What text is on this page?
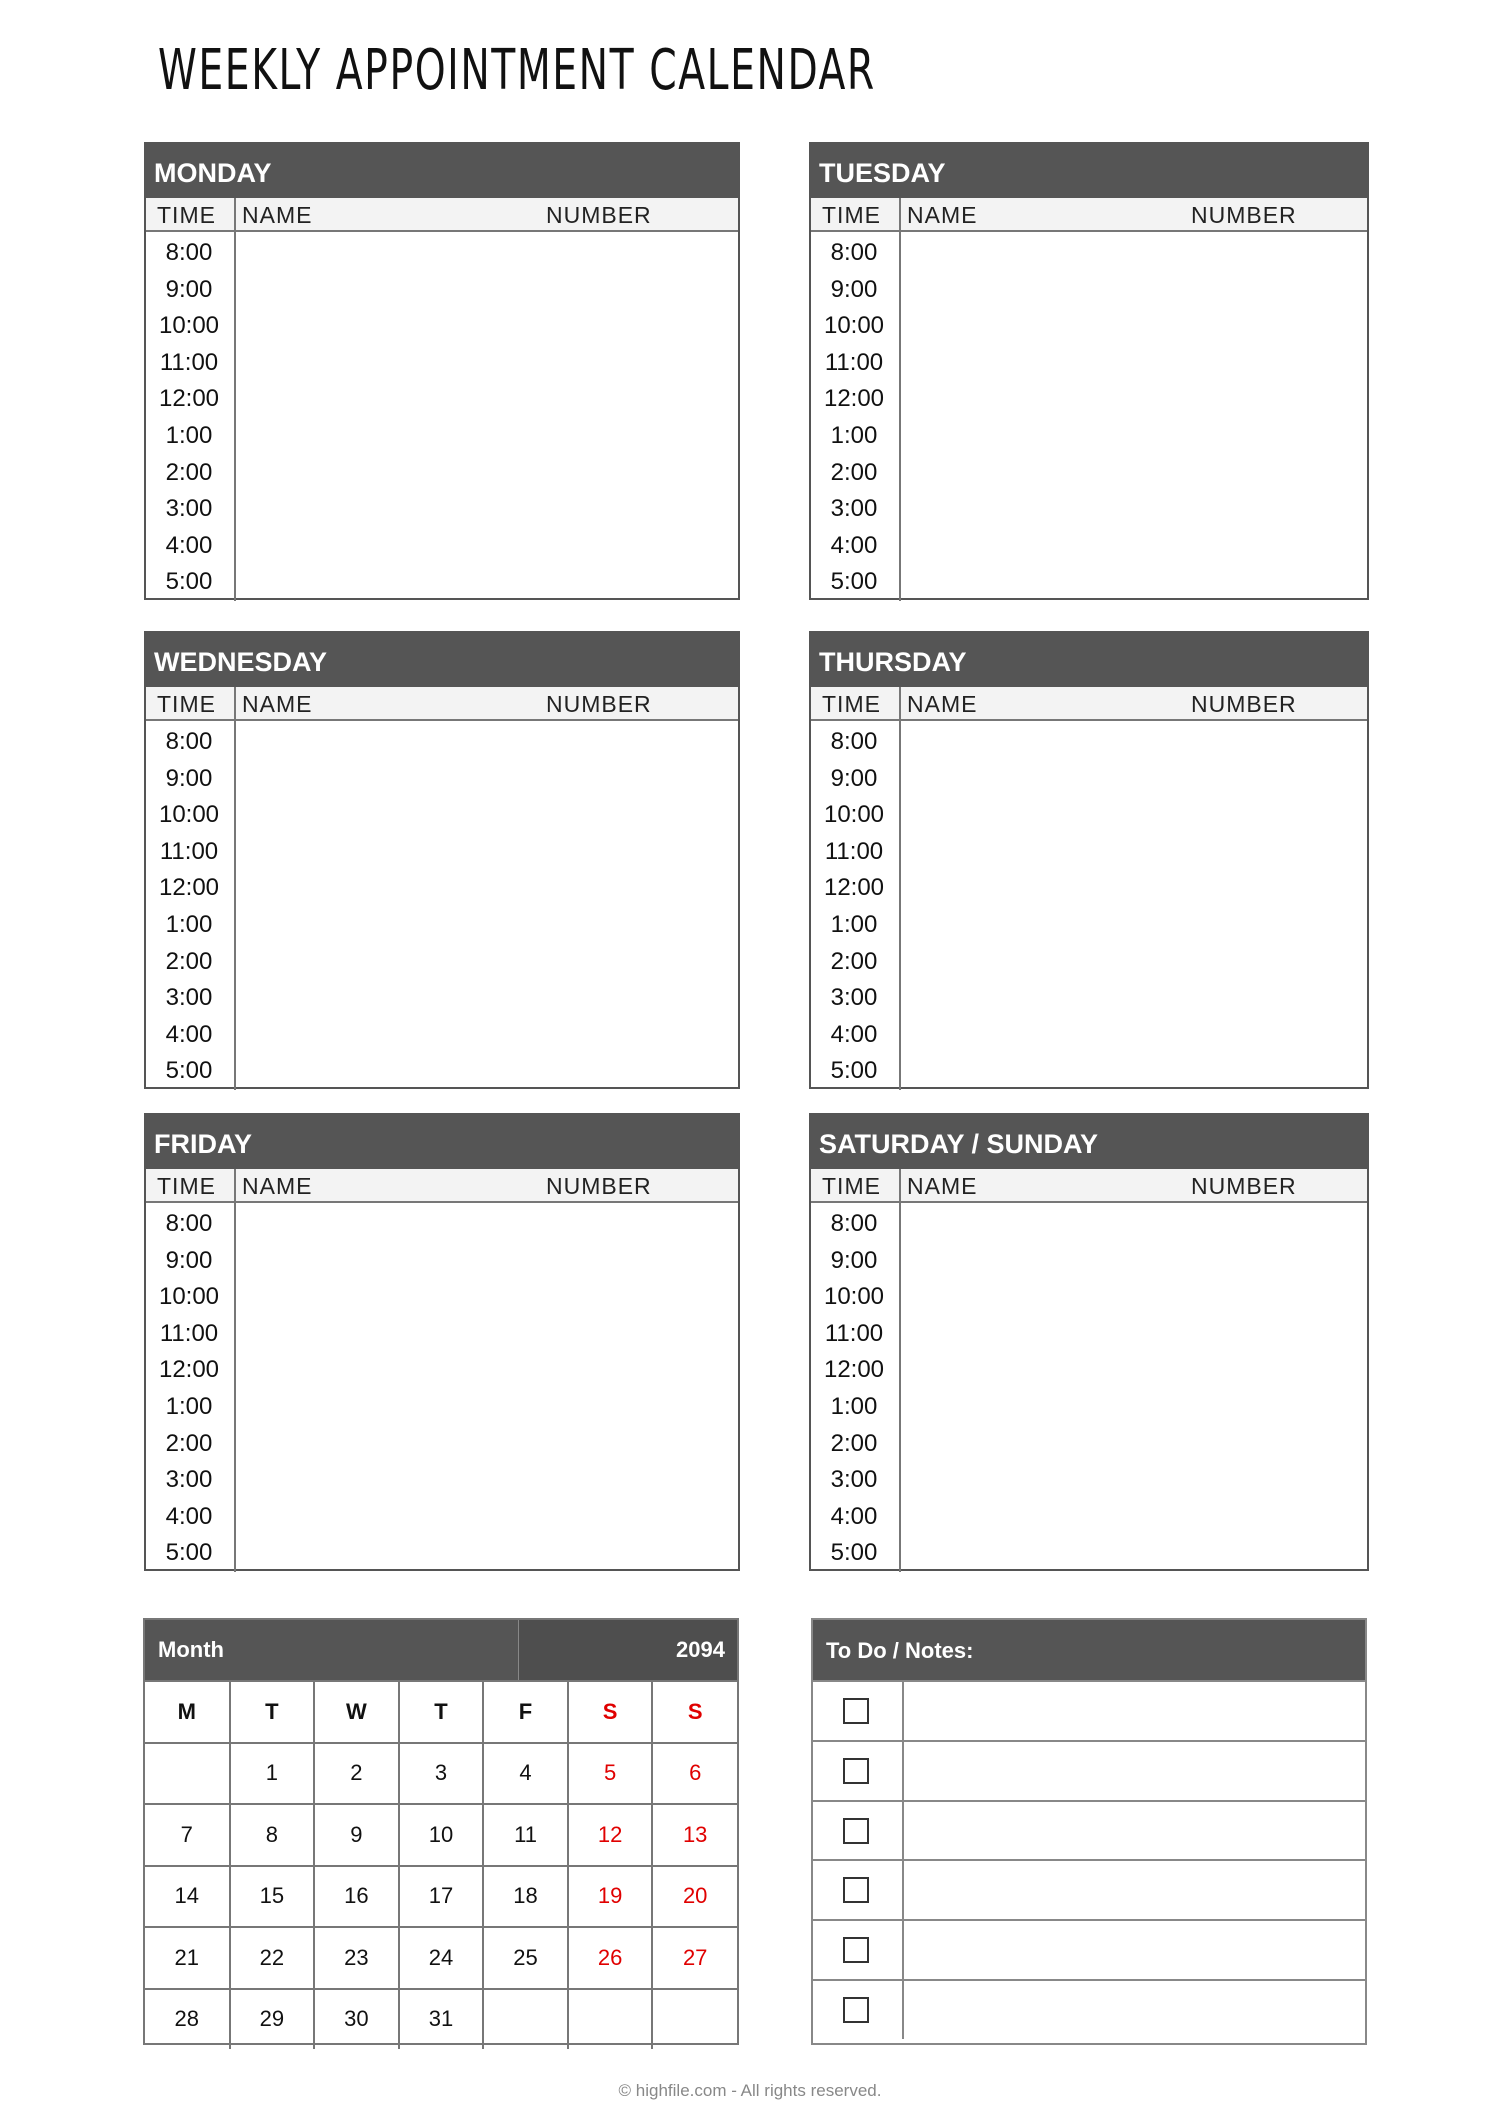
WEEKLY APPOINTMENT CALENDAR
MONDAY
TIME NAME	NUMBER
8:00
9:00
10:00
11:00
12:00
1:00
2:00
3:00
4:00
5:00
TUESDAY
TIME NAME	NUMBER
8:00
9:00
10:00
11:00
12:00
1:00
2:00
3:00
4:00
5:00
WEDNESDAY
TIME NAME	NUMBER
8:00
9:00
10:00
11:00
12:00
1:00
2:00
3:00
4:00
5:00
THURSDAY
TIME NAME	NUMBER
8:00
9:00
10:00
11:00
12:00
1:00
2:00
3:00
4:00
5:00
FRIDAY
TIME NAME	NUMBER
8:00
9:00
10:00
11:00
12:00
1:00
2:00
3:00
4:00
5:00
SATURDAY / SUNDAY
TIME NAME	NUMBER
8:00
9:00
10:00
11:00
12:00
1:00
2:00
3:00
4:00
5:00
Month	2094
M	T	W	T	F	S	S
	1	2	3	4	5	6
7	8	9	10	11	12	13
14	15	16	17	18	19	20
21	22	23	24	25	26	27
28	29	30	31			
To Do / Notes:
© highfile.com - All rights reserved.
